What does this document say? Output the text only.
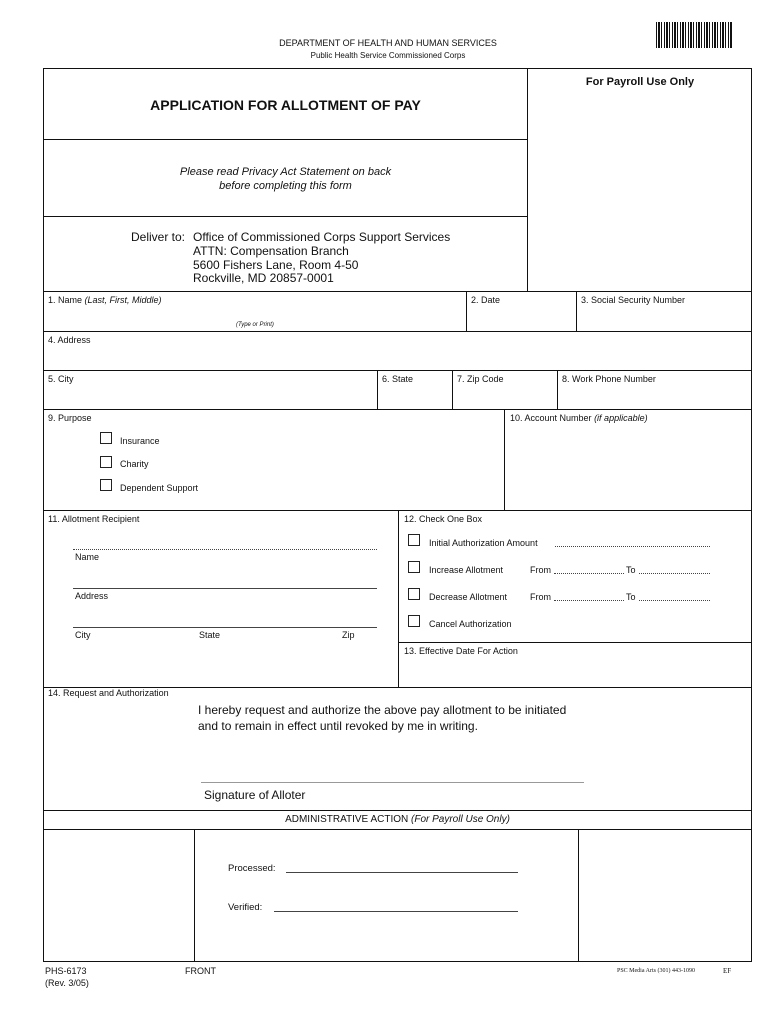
DEPARTMENT OF HEALTH AND HUMAN SERVICES
Public Health Service Commissioned Corps
APPLICATION FOR ALLOTMENT OF PAY
For Payroll Use Only
Please read Privacy Act Statement on back
before completing this form
Deliver to: Office of Commissioned Corps Support Services
ATTN: Compensation Branch
5600 Fishers Lane, Room 4-50
Rockville, MD 20857-0001
1. Name (Last, First, Middle)
(Type or Print)
2. Date	3. Social Security Number
4. Address
5. City	6. State	7. Zip Code	8. Work Phone Number
9. Purpose	10. Account Number (if applicable)
Insurance
Charity
Dependent Support
11. Allotment Recipient	12. Check One Box
Name
Address
City	State	Zip
Initial Authorization Amount
Increase Allotment	From	To
Decrease Allotment	From	To
Cancel Authorization
13. Effective Date For Action
14. Request and Authorization
I hereby request and authorize the above pay allotment to be initiated
and to remain in effect until revoked by me in writing.
Signature of Alloter
ADMINISTRATIVE ACTION (For Payroll Use Only)
Processed:
Verified:
PHS-6173
(Rev. 3/05)
FRONT	PSC Media Arts (301) 443-1090	EF
